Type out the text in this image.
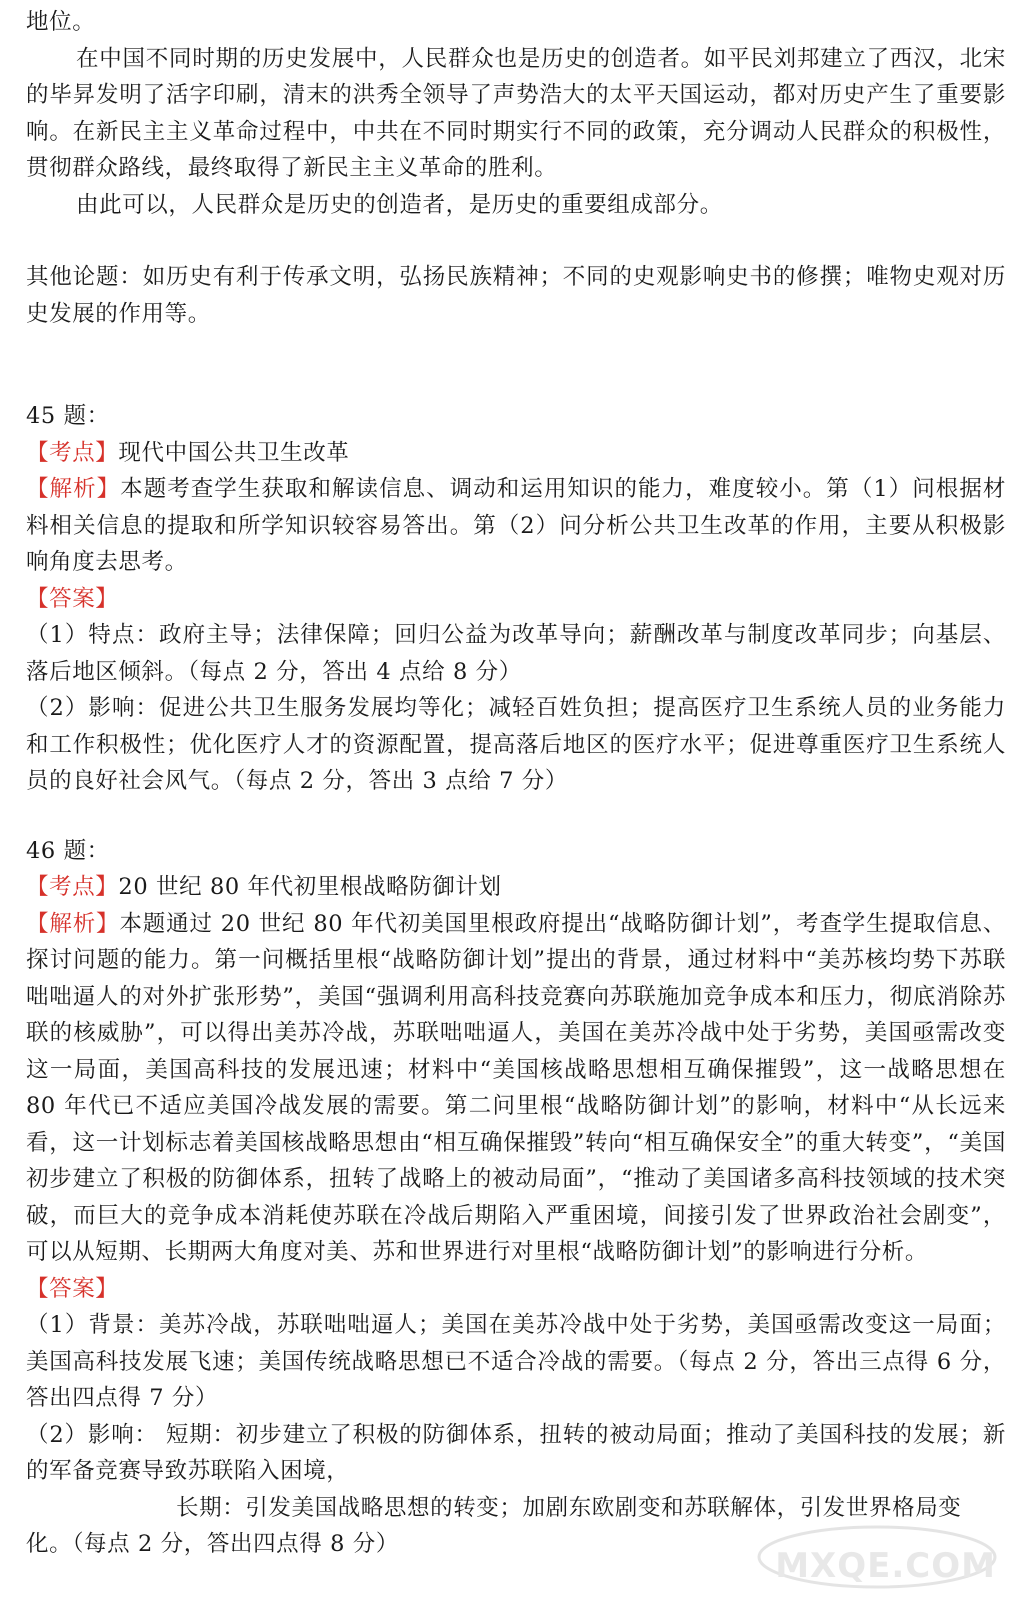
地位。

在中国不同时期的历史发展中，人民群众也是历史的创造者。如平民刘邦建立了西汉，北宋的毕昇发明了活字印刷，清末的洪秀全领导了声势浩大的太平天国运动，都对历史产生了重要影响。在新民主主义革命过程中，中共在不同时期实行不同的政策，充分调动人民群众的积极性，贯彻群众路线，最终取得了新民主主义革命的胜利。

由此可以，人民群众是历史的创造者，是历史的重要组成部分。

其他论题：如历史有利于传承文明，弘扬民族精神；不同的史观影响史书的修撰；唯物史观对历史发展的作用等。

45 题：

【考点】现代中国公共卫生改革

【解析】本题考查学生获取和解读信息、调动和运用知识的能力，难度较小。第（1）问根据材料相关信息的提取和所学知识较容易答出。第（2）问分析公共卫生改革的作用，主要从积极影响角度去思考。

【答案】

（1）特点：政府主导；法律保障；回归公益为改革导向；薪酬改革与制度改革同步；向基层、落后地区倾斜。（每点 2 分，答出 4 点给 8 分）

（2）影响：促进公共卫生服务发展均等化；减轻百姓负担；提高医疗卫生系统人员的业务能力和工作积极性；优化医疗人才的资源配置，提高落后地区的医疗水平；促进尊重医疗卫生系统人员的良好社会风气。（每点 2 分，答出 3 点给 7 分）

46 题：

【考点】20 世纪 80 年代初里根战略防御计划

【解析】本题通过 20 世纪 80 年代初美国里根政府提出“战略防御计划”，考查学生提取信息、探讨问题的能力。第一问概括里根“战略防御计划”提出的背景，通过材料中“美苏核均势下苏联咄咄逼人的对外扩张形势”，美国“强调利用高科技竞赛向苏联施加竞争成本和压力，彻底消除苏联的核威胁”，可以得出美苏冷战，苏联咄咄逼人，美国在美苏冷战中处于劣势，美国亟需改变这一局面，美国高科技的发展迅速；材料中“美国核战略思想相互确保摧毁”，这一战略思想在 80 年代已不适应美国冷战发展的需要。第二问里根“战略防御计划”的影响，材料中“从长远来看，这一计划标志着美国核战略思想由“相互确保摧毁”转向“相互确保安全”的重大转变”，“美国初步建立了积极的防御体系，扭转了战略上的被动局面”，“推动了美国诸多高科技领域的技术突破，而巨大的竞争成本消耗使苏联在冷战后期陷入严重困境，间接引发了世界政治社会剧变”，可以从短期、长期两大角度对美、苏和世界进行对里根“战略防御计划”的影响进行分析。

【答案】

（1）背景：美苏冷战，苏联咄咄逼人；美国在美苏冷战中处于劣势，美国亟需改变这一局面；美国高科技发展飞速；美国传统战略思想已不适合冷战的需要。（每点 2 分，答出三点得 6 分，答出四点得 7 分）

（2）影响： 短期：初步建立了积极的防御体系，扭转的被动局面；推动了美国科技的发展；新的军备竞赛导致苏联陷入困境，

长期：引发美国战略思想的转变；加剧东欧剧变和苏联解体，引发世界格局变

化。（每点 2 分，答出四点得 8 分）

MXQE.COM
